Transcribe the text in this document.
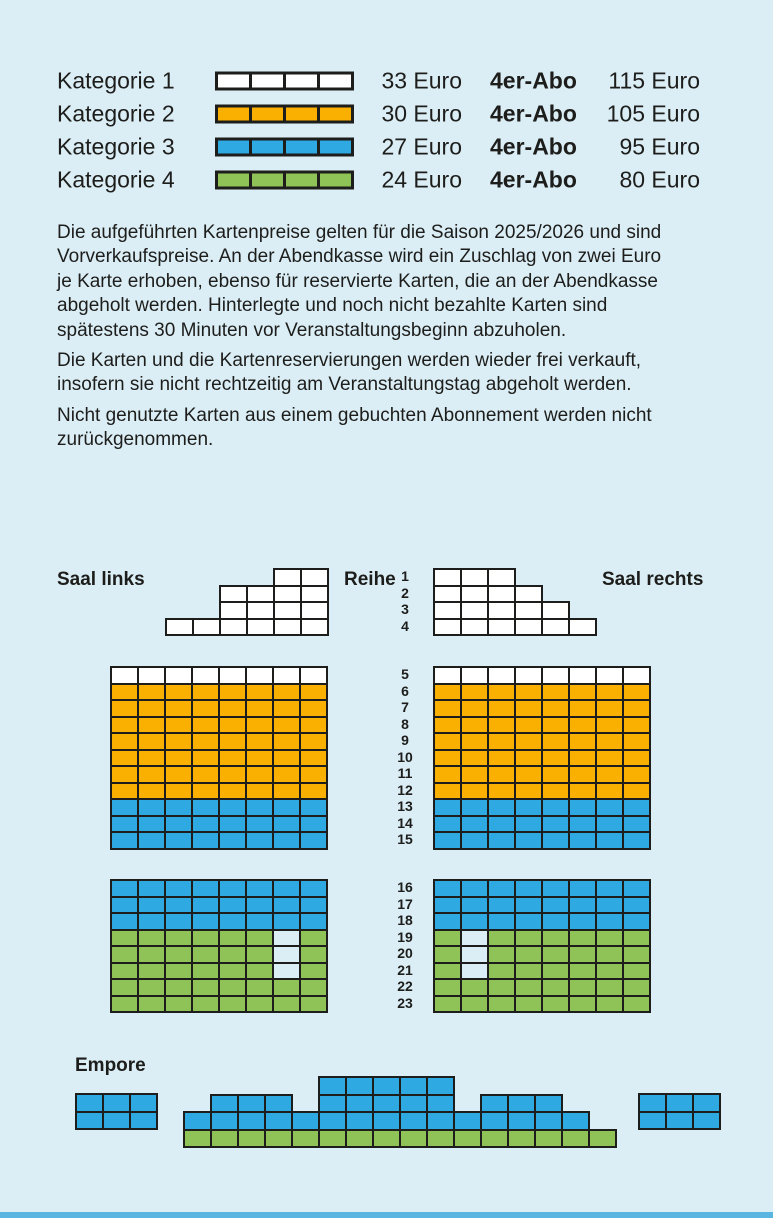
Kategorie 1	33 Euro 4er-Abo	115 Euro
Kategorie 2	30 Euro 4er-Abo	105 Euro
Kategorie 3	27 Euro 4er-Abo	95 Euro
Kategorie 4	24 Euro 4er-Abo	80 Euro
Die aufgeführten Kartenpreise gelten für die Saison 2025/2026 und sind
Vorverkaufspreise. An der Abendkasse wird ein Zuschlag von zwei Euro
je Karte erhoben, ebenso für reservierte Karten, die an der Abendkasse
abgeholt werden. Hinterlegte und noch nicht bezahlte Karten sind
spätestens 30 Minuten vor Veranstaltungsbeginn abzuholen.
Die Karten und die Kartenreservierungen werden wieder frei verkauft,
insofern sie nicht rechtzeitig am Veranstaltungstag abgeholt werden.
Nicht genutzte Karten aus einem gebuchten Abonnement werden nicht
zurückgenommen.
Saal links	Reihe	Saal rechts
Empore
1
2
3
4
5
6
7
8
9
10
11
12
13
14
15
16
17
18
19
20
21
22
23
